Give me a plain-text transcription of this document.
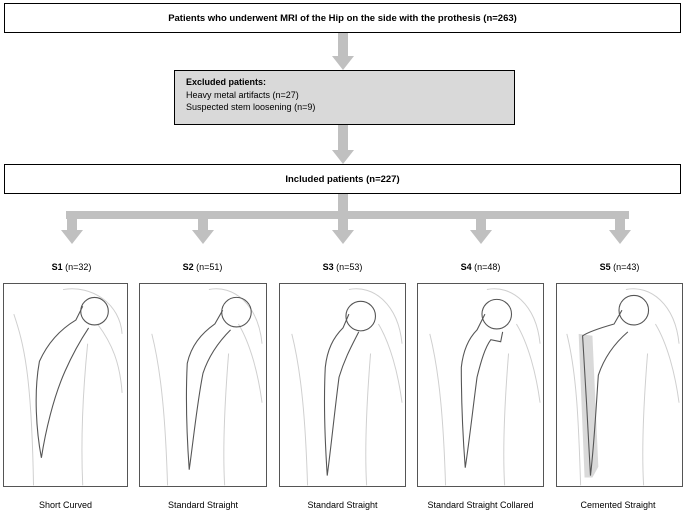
Patients who underwent MRI of the Hip on the side with the prothesis (n=263)
Excluded patients:
Heavy metal artifacts (n=27)
Suspected stem loosening (n=9)
Included patients (n=227)
S1 (n=32)	S2 (n=51)	S3 (n=53)	S4 (n=48)	S5 (n=43)
Short Curved	Standard Straight	Standard Straight	Standard Straight Collared	Cemented Straight
